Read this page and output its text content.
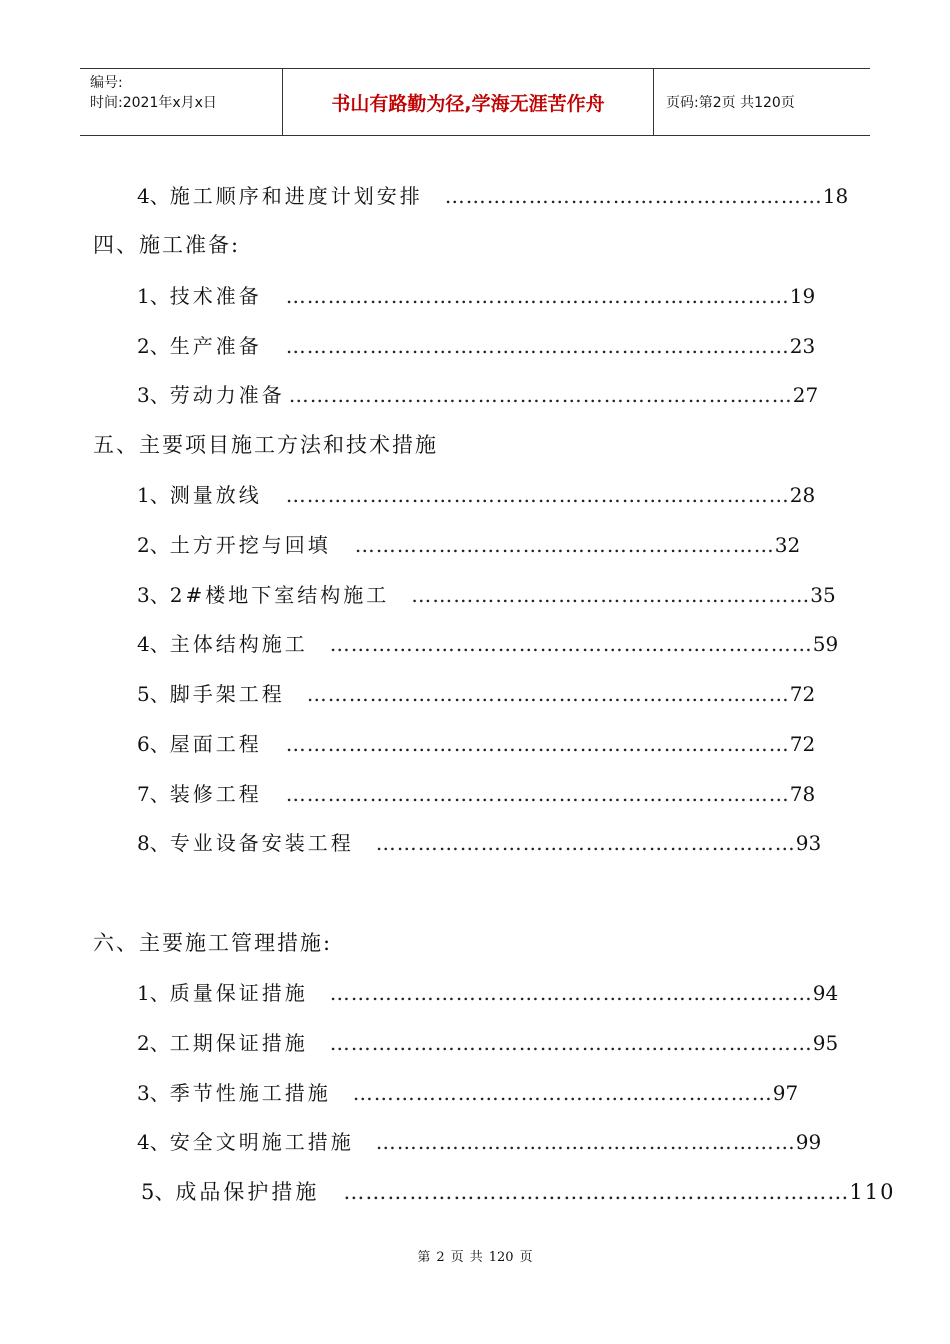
编号:
时间:2021年x月x日	书山有路勤为径,学海无涯苦作舟	页码:第2页 共120页
4、 施工顺序和进度计划安排 ……………………………………………… 18
四、施工准备:
1、 技术准备 ……………………………………………………………… 19
2、 生产准备 ……………………………………………………………… 23
3、 劳动力准备 ……………………………………………………………… 27
五、主要项目施工方法和技术措施
1、 测量放线 ……………………………………………………………… 28
2、 土方开挖与回填 …………………………………………………… 32
3、 2#楼地下室结构施工 ………………………………………………… 35
4、 主体结构施工 …………………………………………………………… 59
5、 脚手架工程 …………………………………………………………… 72
6、 屋面工程 ……………………………………………………………… 72
7、 装修工程 ……………………………………………………………… 78
8、 专业设备安装工程 …………………………………………………… 93
六、主要施工管理措施:
1、 质量保证措施 …………………………………………………………… 94
2、 工期保证措施 …………………………………………………………… 95
3、 季节性施工措施 …………………………………………………… 97
4、 安全文明施工措施 …………………………………………………… 99
5、 成品保护措施 …………………………………………………………… 110
第 2 页 共 120 页
